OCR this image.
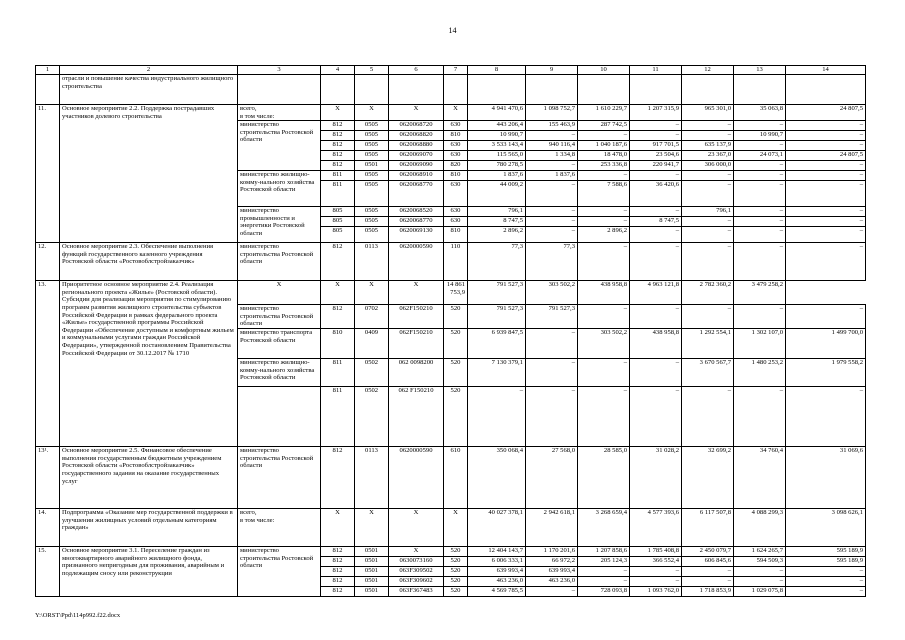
14
1	2	3	4	5	6	7	8	9	10	11	12	13	14
	отрасли и повышение качества индустриального жилищного строительства												
11.	Основное мероприятие 2.2. Поддержка пострадавших участников долевого строительства	всего,
в том числе:	X	X	X	X	4 941 470,6	1 098 752,7	1 610 229,7	1 207 315,9	965 301,0	35 063,8	24 807,5
		министерство строительства Ростовской области	812	0505	0620068720	630	443 206,4	155 463,9	287 742,5	–	–	–	–
			812	0505	0620068820	810	10 990,7	–	–	–	–	10 990,7	–
			812	0505	0620068880	630	3 533 143,4	940 116,4	1 040 187,6	917 701,5	635 137,9	–	–
			812	0505	0620069070	630	115 565,0	1 334,8	18 478,0	23 504,6	23 367,0	24 073,1	24 807,5
			812	0501	0620069090	820	780 278,5	–	253 336,8	220 941,7	306 000,0	–	–
		министерство жилищно-комму-нального хозяйства Ростовской области	811	0505	0620068910	810	1 837,6	1 837,6	–	–	–	–	–
			811	0505	0620068770	630	44 009,2	–	7 588,6	36 420,6	–	–	–
		министерство промышленности и энергетики Ростовской области	805	0505	0620068520	630	796,1	–	–	–	796,1	–	–
			805	0505	0620068770	630	8 747,5	–	–	8 747,5	–	–	–
			805	0505	0620069130	810	2 896,2	–	2 896,2	–	–	–	–
12.	Основное мероприятие 2.3. Обеспечение выполнения функций государственного казенного учреждения Ростовской области «Ростовоблстройзаказчик»	министерство строительства Ростовской области	812	0113	0620000590	110	77,3	77,3	–	–	–	–	–
13.	Приоритетное основное мероприятие 2.4. Реализация регионального проекта «Жилье» (Ростовской области). Субсидии для реализации мероприятия по стимулированию программ развития жилищного строительства субъектов Российской Федерации в рамках федерального проекта «Жилье» государственной программы Российской Федерации «Обеспечение доступным и комфортным жильем и коммунальными услугами граждан Российской Федерации», утвержденной постановлением Правительства Российской Федерации от 30.12.2017 № 1710	X	X	X	X	14 861 753,9	791 527,3	303 502,2	438 958,8	4 963 121,8	2 782 360,2	3 479 258,2	
		министерство строительства Ростовской области	812	0702	062F150210	520	791 527,3	791 527,3	–	–	–	–	–
		министерство транспорта Ростовской области	810	0409	062F150210	520	6 939 847,5	–	303 502,2	438 958,8	1 292 554,1	1 302 107,0	1 499 700,0
		министерство жилищно-комму-нального хозяйства Ростовской области	811	0502	062 0098200	520	7 130 379,1	–	–	–	3 670 567,7	1 480 253,2	1 979 558,2
			811	0502	062 F150210	520	–	–	–	–	–	–	–
13¹.	Основное мероприятие 2.5. Финансовое обеспечение выполнения государственным бюджетным учреждением Ростовской области «Ростовоблстройзаказчик» государственного задания на оказание государственных услуг	министерство строительства Ростовской области	812	0113	0620000590	610	350 068,4	27 568,0	28 585,0	31 028,2	32 699,2	34 760,4	31 069,6
14.	Подпрограмма «Оказание мер государственной поддержки в улучшении жилищных условий отдельным категориям граждан»	всего,
в том числе:	X	X	X	X	40 027 378,1	2 942 618,1	3 268 659,4	4 577 393,6	6 117 507,8	4 088 299,3	3 098 626,1
15.	Основное мероприятие 3.1. Переселение граждан из многоквартирного аварийного жилищного фонда, признанного непригодным для проживания, аварийным и подлежащим сносу или реконструкции	министерство строительства Ростовской области	812	0501	X	520	12 404 143,7	1 170 201,6	1 207 858,6	1 785 408,8	2 450 079,7	1 624 265,7	595 189,9
			812	0501	0630073160	520	6 006 333,1	66 972,2	205 124,3	366 552,4	606 845,6	594 509,3	595 189,9
			812	0501	063F309502	520	639 993,4	639 993,4	–	–	–	–	–
			812	0501	063F309602	520	463 236,0	463 236,0	–	–	–	–	–
			812	0501	063F367483	520	4 569 785,5	–	728 093,8	1 093 762,0	1 718 853,9	1 029 075,8	–
Y:\ORST\Ppd\114p992.f22.docx
